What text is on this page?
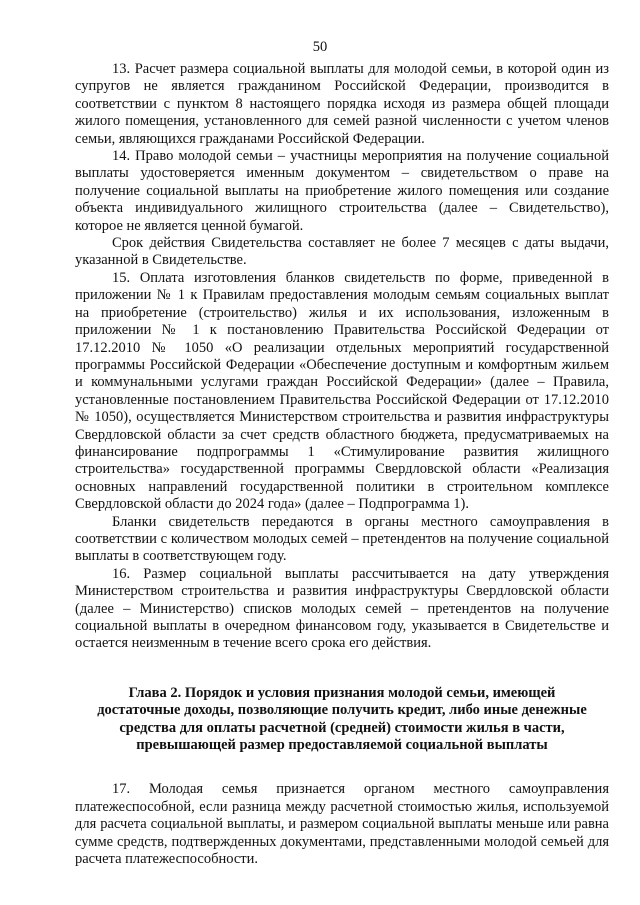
50

13. Расчет размера социальной выплаты для молодой семьи, в которой один из супругов не является гражданином Российской Федерации, производится в соответствии с пунктом 8 настоящего порядка исходя из размера общей площади жилого помещения, установленного для семей разной численности с учетом членов семьи, являющихся гражданами Российской Федерации.

14. Право молодой семьи – участницы мероприятия на получение социальной выплаты удостоверяется именным документом – свидетельством о праве на получение социальной выплаты на приобретение жилого помещения или создание объекта индивидуального жилищного строительства (далее – Свидетельство), которое не является ценной бумагой.

Срок действия Свидетельства составляет не более 7 месяцев с даты выдачи, указанной в Свидетельстве.

15. Оплата изготовления бланков свидетельств по форме, приведенной в приложении № 1 к Правилам предоставления молодым семьям социальных выплат на приобретение (строительство) жилья и их использования, изложенным в приложении № 1 к постановлению Правительства Российской Федерации от 17.12.2010 № 1050 «О реализации отдельных мероприятий государственной программы Российской Федерации «Обеспечение доступным и комфортным жильем и коммунальными услугами граждан Российской Федерации» (далее – Правила, установленные постановлением Правительства Российской Федерации от 17.12.2010 № 1050), осуществляется Министерством строительства и развития инфраструктуры Свердловской области за счет средств областного бюджета, предусматриваемых на финансирование подпрограммы 1 «Стимулирование развития жилищного строительства» государственной программы Свердловской области «Реализация основных направлений государственной политики в строительном комплексе Свердловской области до 2024 года» (далее – Подпрограмма 1).

Бланки свидетельств передаются в органы местного самоуправления в соответствии с количеством молодых семей – претендентов на получение социальной выплаты в соответствующем году.

16. Размер социальной выплаты рассчитывается на дату утверждения Министерством строительства и развития инфраструктуры Свердловской области (далее – Министерство) списков молодых семей – претендентов на получение социальной выплаты в очередном финансовом году, указывается в Свидетельстве и остается неизменным в течение всего срока его действия.

Глава 2. Порядок и условия признания молодой семьи, имеющей
достаточные доходы, позволяющие получить кредит, либо иные денежные
средства для оплаты расчетной (средней) стоимости жилья в части,
превышающей размер предоставляемой социальной выплаты

17. Молодая семья признается органом местного самоуправления платежеспособной, если разница между расчетной стоимостью жилья, используемой для расчета социальной выплаты, и размером социальной выплаты меньше или равна сумме средств, подтвержденных документами, представленными молодой семьей для расчета платежеспособности.
